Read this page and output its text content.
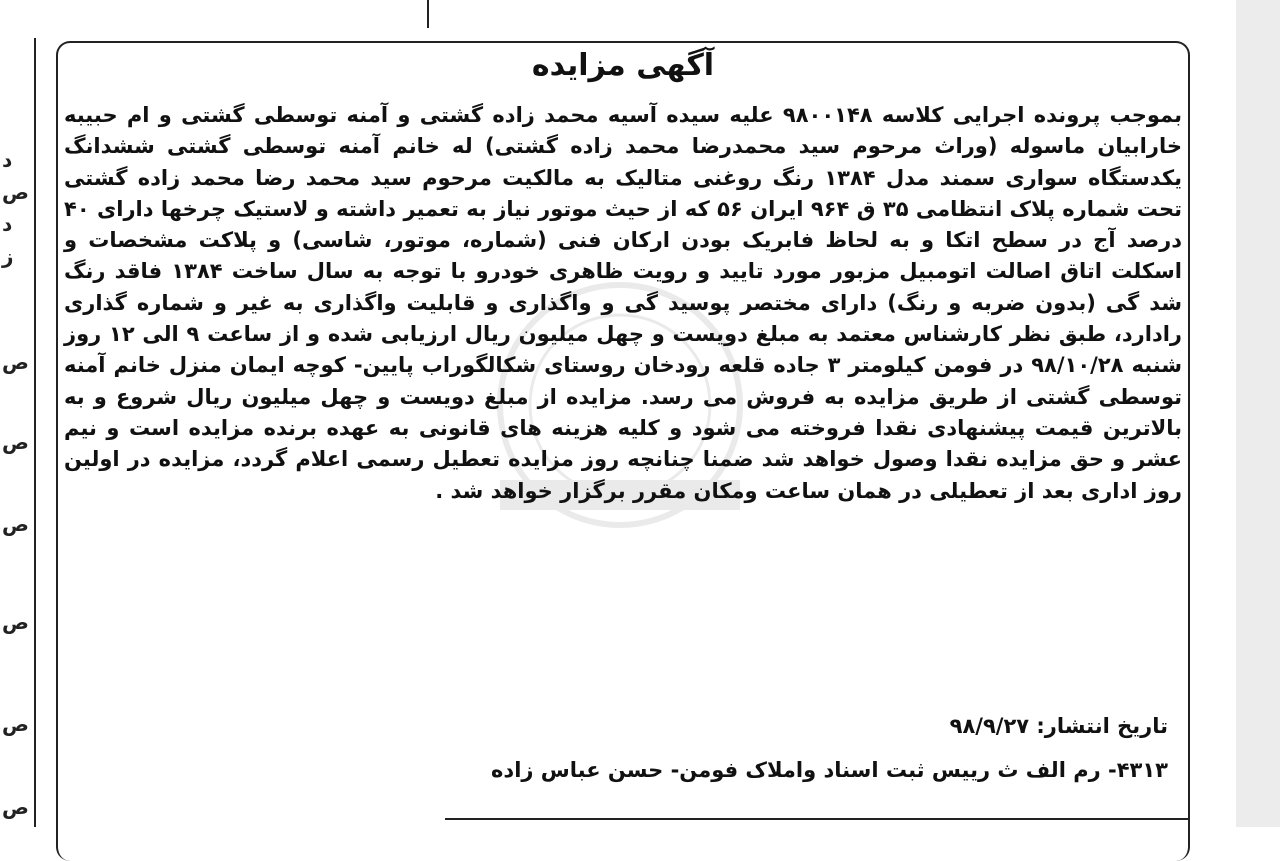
د
ص
د
ز
ص
ص
ص
ص
ص
ص
آگهی مزایده

بموجب پرونده اجرایی کلاسه ۹۸۰۰۱۴۸ علیه سیده آسیه محمد زاده گشتی و آمنه توسطی گشتی و ام حبیبه خارابیان ماسوله (وراث مرحوم سید محمدرضا محمد زاده گشتی) له خانم آمنه توسطی گشتی ششدانگ یکدستگاه سواری سمند مدل ۱۳۸۴ رنگ روغنی متالیک به مالکیت مرحوم سید محمد رضا محمد زاده گشتی تحت شماره پلاک انتظامی ۳۵ ق ۹۶۴ ایران ۵۶ که از حیث موتور نیاز به تعمیر داشته و لاستیک چرخها دارای ۴۰ درصد آج در سطح اتکا و به لحاظ فابریک بودن ارکان فنی (شماره، موتور، شاسی) و پلاکت مشخصات و اسکلت اتاق اصالت اتومبیل مزبور مورد تایید و رویت ظاهری خودرو با توجه به سال ساخت ۱۳۸۴ فاقد رنگ شد گی (بدون ضربه و رنگ) دارای مختصر پوسید گی و واگذاری و قابلیت واگذاری به غیر و شماره گذاری رادارد، طبق نظر کارشناس معتمد به مبلغ دویست و چهل میلیون ریال ارزیابی شده و از ساعت ۹ الی ۱۲ روز شنبه ۹۸/۱۰/۲۸ در فومن کیلومتر ۳ جاده قلعه رودخان روستای شکالگوراب پایین- کوچه ایمان منزل خانم آمنه توسطی گشتی از طریق مزایده به فروش می رسد. مزایده از مبلغ دویست و چهل میلیون ریال شروع و به بالاترین قیمت پیشنهادی نقدا فروخته می شود و کلیه هزینه های قانونی به عهده برنده مزایده است و نیم عشر و حق مزایده نقدا وصول خواهد شد ضمنا چنانچه روز مزایده تعطیل رسمی اعلام گردد، مزایده در اولین روز اداری بعد از تعطیلی در همان ساعت ومکان مقرر برگزار خواهد شد .

تاریخ انتشار: ۹۸/۹/۲۷
۴۳۱۳- رم الف ث رییس ثبت اسناد واملاک فومن- حسن عباس زاده
